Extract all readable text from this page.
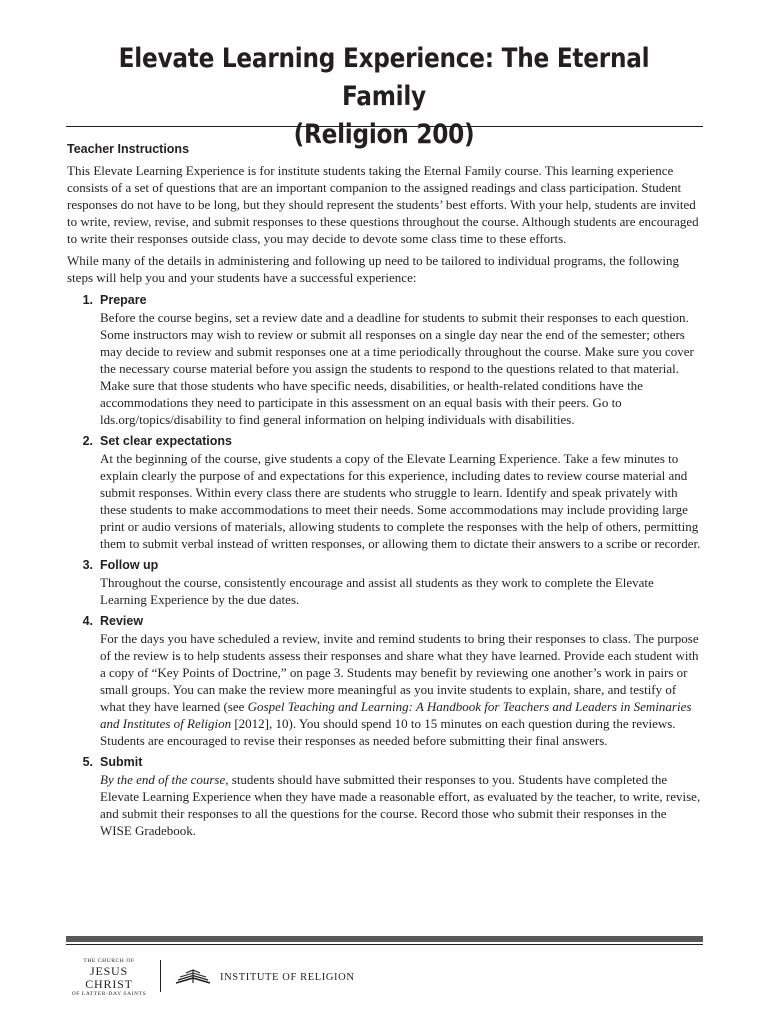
Elevate Learning Experience: The Eternal Family
(Religion 200)
Teacher Instructions

This Elevate Learning Experience is for institute students taking the Eternal Family course. This learning experience consists of a set of questions that are an important companion to the assigned readings and class participation. Student responses do not have to be long, but they should represent the students’ best efforts. With your help, students are invited to write, review, revise, and submit responses to these questions throughout the course. Although students are encouraged to write their responses outside class, you may decide to devote some class time to these efforts.

While many of the details in administering and following up need to be tailored to individual programs, the following steps will help you and your students have a successful experience:

1. Prepare
Before the course begins, set a review date and a deadline for students to submit their responses to each question. Some instructors may wish to review or submit all responses on a single day near the end of the semester; others may decide to review and submit responses one at a time periodically throughout the course. Make sure you cover the necessary course material before you assign the students to respond to the questions related to that material. Make sure that those students who have specific needs, disabilities, or health-related conditions have the accommodations they need to participate in this assessment on an equal basis with their peers. Go to lds.org/topics/disability to find general information on helping individuals with disabilities.
2. Set clear expectations
At the beginning of the course, give students a copy of the Elevate Learning Experience. Take a few minutes to explain clearly the purpose of and expectations for this experience, including dates to review course material and submit responses. Within every class there are students who struggle to learn. Identify and speak privately with these students to make accommodations to meet their needs. Some accommodations may include providing large print or audio versions of materials, allowing students to complete the responses with the help of others, permitting them to submit verbal instead of written responses, or allowing them to dictate their answers to a scribe or recorder.
3. Follow up
Throughout the course, consistently encourage and assist all students as they work to complete the Elevate Learning Experience by the due dates.
4. Review
For the days you have scheduled a review, invite and remind students to bring their responses to class. The purpose of the review is to help students assess their responses and share what they have learned. Provide each student with a copy of “Key Points of Doctrine,” on page 3. Students may benefit by reviewing one another’s work in pairs or small groups. You can make the review more meaningful as you invite students to explain, share, and testify of what they have learned (see Gospel Teaching and Learning: A Handbook for Teachers and Leaders in Seminaries and Institutes of Religion [2012], 10). You should spend 10 to 15 minutes on each question during the reviews. Students are encouraged to revise their responses as needed before submitting their final answers.
5. Submit
By the end of the course, students should have submitted their responses to you. Students have completed the Elevate Learning Experience when they have made a reasonable effort, as evaluated by the teacher, to write, revise, and submit their responses to all the questions for the course. Record those who submit their responses in the WISE Gradebook.
THE CHURCH OF
JESUS CHRIST
OF LATTER-DAY SAINTS
INSTITUTE OF RELIGION
